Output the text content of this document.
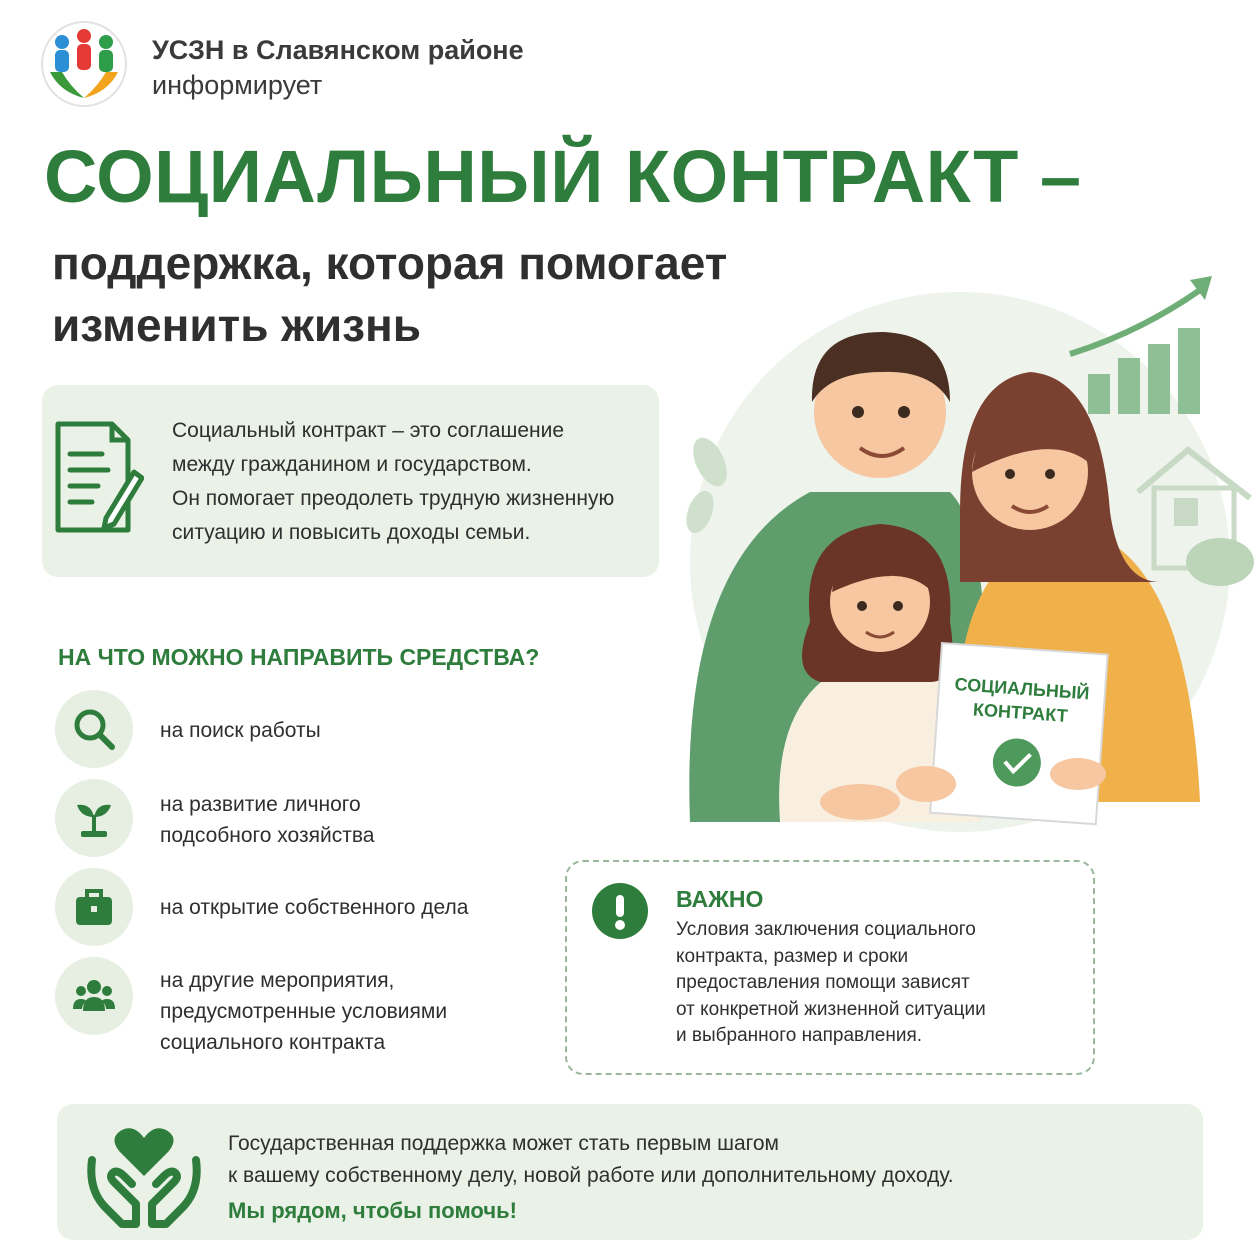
УСЗН в Славянском районе
информирует
СОЦИАЛЬНЫЙ КОНТРАКТ –
поддержка, которая помогает изменить жизнь
СОЦИАЛЬНЫЙ
КОНТРАКТ
Социальный контракт – это соглашение
между гражданином и государством.
Он помогает преодолеть трудную жизненную
ситуацию и повысить доходы семьи.
НА ЧТО МОЖНО НАПРАВИТЬ СРЕДСТВА?
на поиск работы
на развитие личного
подсобного хозяйства
на открытие собственного дела
на другие мероприятия,
предусмотренные условиями
социального контракта
ВАЖНО
Условия заключения социального
контракта, размер и сроки
предоставления помощи зависят
от конкретной жизненной ситуации
и выбранного направления.
Государственная поддержка может стать первым шагом
к вашему собственному делу, новой работе или дополнительному доходу.
Мы рядом, чтобы помочь!
